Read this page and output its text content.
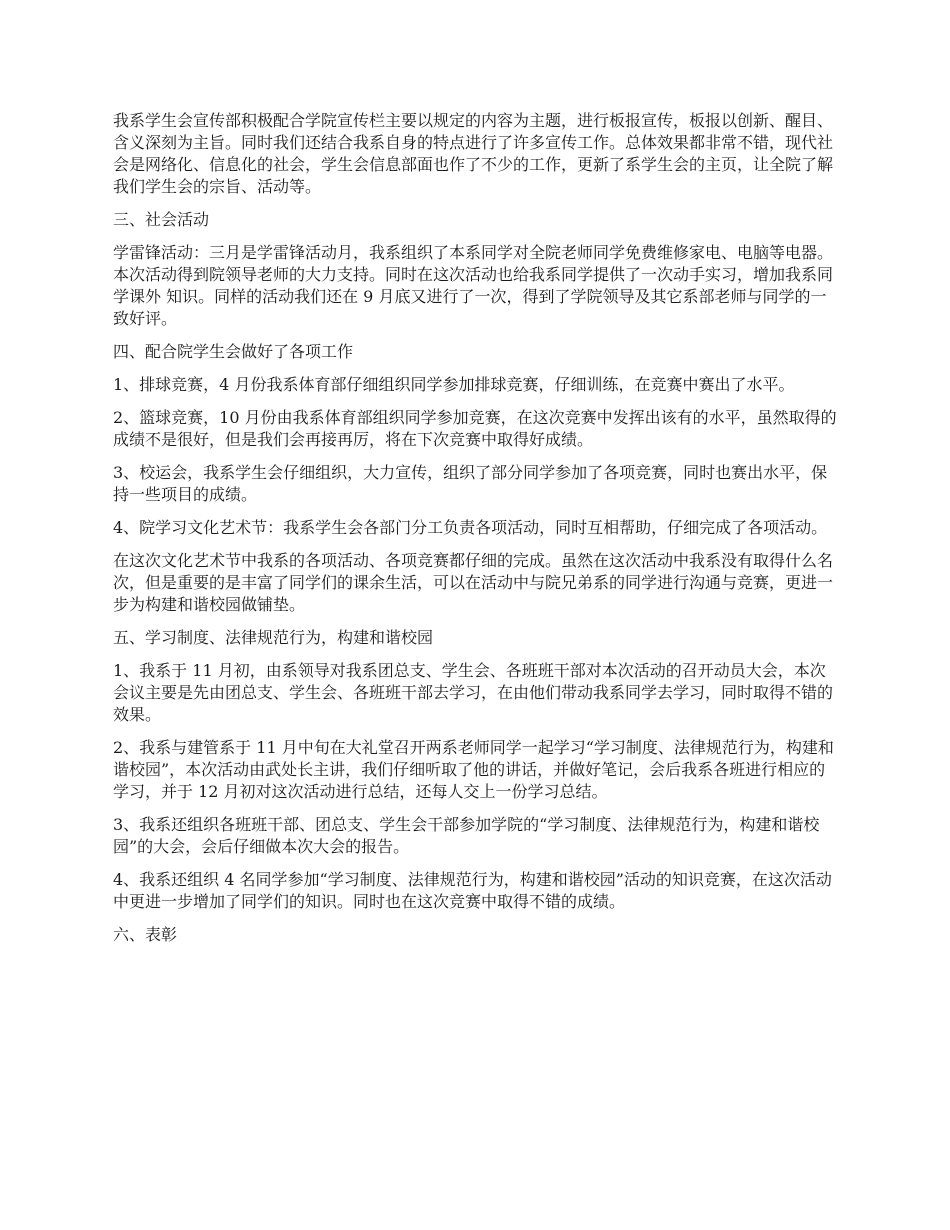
我系学生会宣传部积极配合学院宣传栏主要以规定的内容为主题，进行板报宣传，板报以创新、醒目、含义深刻为主旨。同时我们还结合我系自身的特点进行了许多宣传工作。总体效果都非常不错，现代社会是网络化、信息化的社会，学生会信息部面也作了不少的工作，更新了系学生会的主页，让全院了解我们学生会的宗旨、活动等。

三、社会活动

学雷锋活动：三月是学雷锋活动月，我系组织了本系同学对全院老师同学免费维修家电、电脑等电器。本次活动得到院领导老师的大力支持。同时在这次活动也给我系同学提供了一次动手实习，增加我系同学课外 知识。同样的活动我们还在 9 月底又进行了一次，得到了学院领导及其它系部老师与同学的一致好评。

四、配合院学生会做好了各项工作

1、排球竞赛，4 月份我系体育部仔细组织同学参加排球竞赛，仔细训练，在竞赛中赛出了水平。

2、篮球竞赛，10 月份由我系体育部组织同学参加竞赛，在这次竞赛中发挥出该有的水平，虽然取得的成绩不是很好，但是我们会再接再厉，将在下次竞赛中取得好成绩。

3、校运会，我系学生会仔细组织，大力宣传，组织了部分同学参加了各项竞赛，同时也赛出水平，保持一些项目的成绩。

4、院学习文化艺术节：我系学生会各部门分工负责各项活动，同时互相帮助，仔细完成了各项活动。

在这次文化艺术节中我系的各项活动、各项竞赛都仔细的完成。虽然在这次活动中我系没有取得什么名次，但是重要的是丰富了同学们的课余生活，可以在活动中与院兄弟系的同学进行沟通与竞赛，更进一步为构建和谐校园做铺垫。

五、学习制度、法律规范行为，构建和谐校园

1、我系于 11 月初，由系领导对我系团总支、学生会、各班班干部对本次活动的召开动员大会，本次会议主要是先由团总支、学生会、各班班干部去学习，在由他们带动我系同学去学习，同时取得不错的效果。

2、我系与建管系于 11 月中旬在大礼堂召开两系老师同学一起学习“学习制度、法律规范行为，构建和谐校园”，本次活动由武处长主讲，我们仔细听取了他的讲话，并做好笔记，会后我系各班进行相应的学习，并于 12 月初对这次活动进行总结，还每人交上一份学习总结。

3、我系还组织各班班干部、团总支、学生会干部参加学院的“学习制度、法律规范行为，构建和谐校园”的大会，会后仔细做本次大会的报告。

4、我系还组织 4 名同学参加“学习制度、法律规范行为，构建和谐校园”活动的知识竞赛，在这次活动中更进一步增加了同学们的知识。同时也在这次竞赛中取得不错的成绩。

六、表彰
